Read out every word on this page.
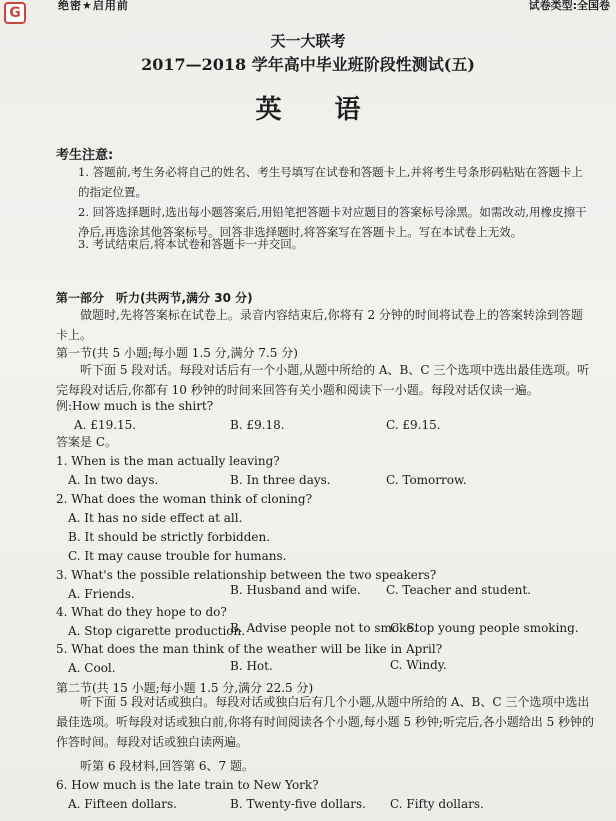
G	绝密★启用前	试卷类型:全国卷
天一大联考
2017—2018 学年高中毕业班阶段性测试(五)
英 语
考生注意:
1. 答题前,考生务必将自己的姓名、考生号填写在试卷和答题卡上,并将考生号条形码粘贴在答题卡上的指定位置。
2. 回答选择题时,选出每小题答案后,用铅笔把答题卡对应题目的答案标号涂黑。如需改动,用橡皮擦干净后,再选涂其他答案标号。回答非选择题时,将答案写在答题卡上。写在本试卷上无效。
3. 考试结束后,将本试卷和答题卡一并交回。
第一部分 听力(共两节,满分 30 分)
做题时,先将答案标在试卷上。录音内容结束后,你将有 2 分钟的时间将试卷上的答案转涂到答题卡上。
第一节(共 5 小题;每小题 1.5 分,满分 7.5 分)
听下面 5 段对话。每段对话后有一个小题,从题中所给的 A、B、C 三个选项中选出最佳选项。听完每段对话后,你都有 10 秒钟的时间来回答有关小题和阅读下一小题。每段对话仅读一遍。
例:How much is the shirt?
A. £19.15.	B. £9.18.	C. £9.15.
答案是 C。
1. When is the man actually leaving?
A. In two days.	B. In three days.	C. Tomorrow.
2. What does the woman think of cloning?
A. It has no side effect at all.
B. It should be strictly forbidden.
C. It may cause trouble for humans.
3. What's the possible relationship between the two speakers?
A. Friends.	B. Husband and wife. C. Teacher and student.
4. What do they hope to do?
A. Stop cigarette production.
B. Advise people not to smoke.
C. Stop young people smoking.
5. What does the man think of the weather will be like in April?
A. Cool.	B. Hot.	C. Windy.
第二节(共 15 小题;每小题 1.5 分,满分 22.5 分)
听下面 5 段对话或独白。每段对话或独白后有几个小题,从题中所给的 A、B、C 三个选项中选出最佳选项。听每段对话或独白前,你将有时间阅读各个小题,每小题 5 秒钟;听完后,各小题给出 5 秒钟的作答时间。每段对话或独白读两遍。
听第 6 段材料,回答第 6、7 题。
6. How much is the late train to New York?
A. Fifteen dollars.	B. Twenty-five dollars. C. Fifty dollars.
